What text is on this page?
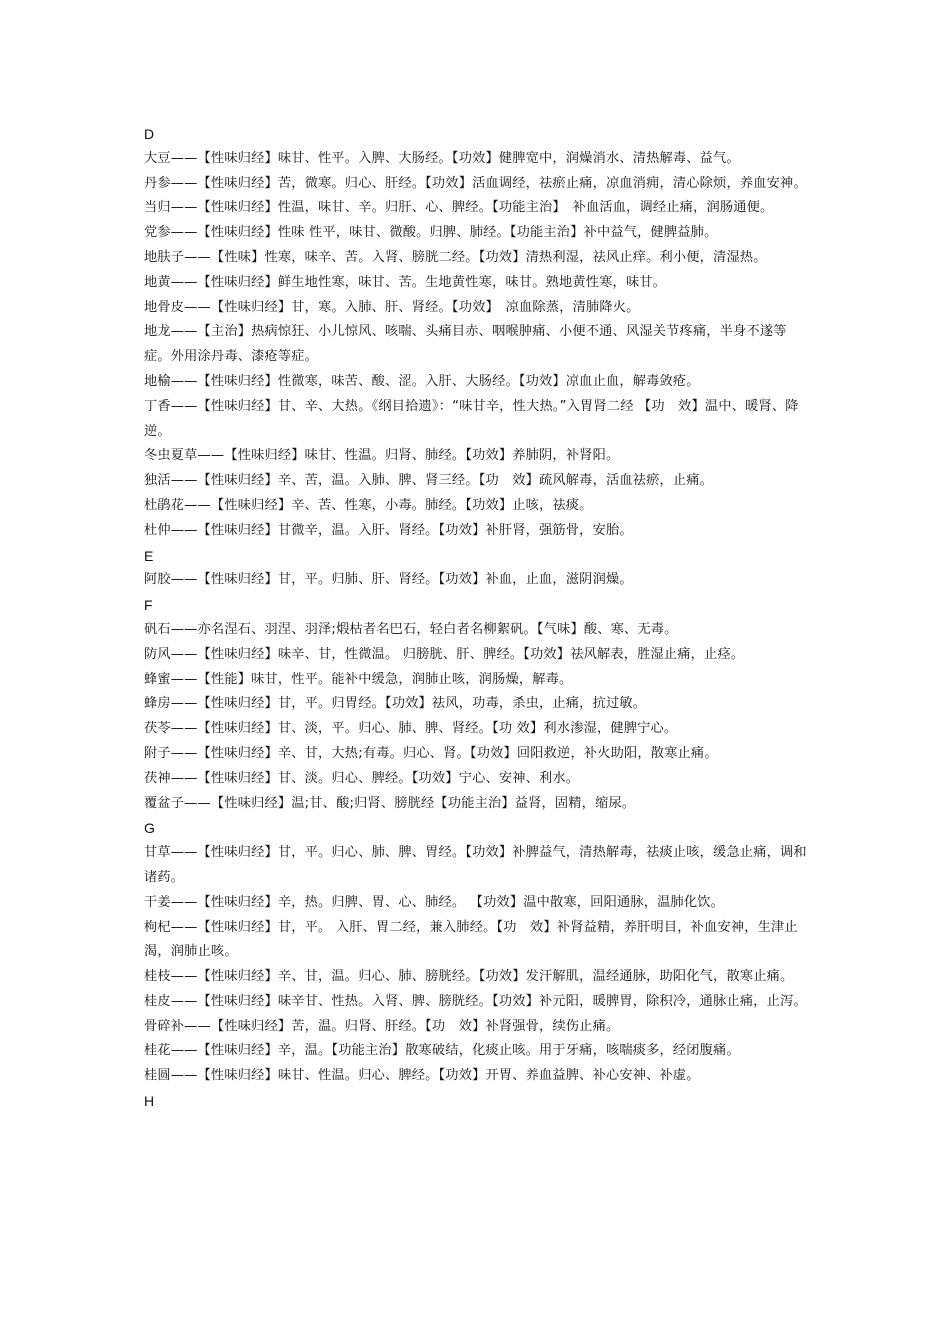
D
大豆——【性味归经】味甘、性平。入脾、大肠经。【功效】健脾宽中，润燥消水、清热解毒、益气。
丹参——【性味归经】苦，微寒。归心、肝经。【功效】活血调经，祛瘀止痛，凉血消痈，清心除烦，养血安神。
当归——【性味归经】性温，味甘、辛。归肝、心、脾经。【功能主治】　补血活血，调经止痛，润肠通便。
党参——【性味归经】性味 性平，味甘、微酸。归脾、肺经。【功能主治】补中益气，健脾益肺。
地肤子——【性味】性寒，味辛、苦。入肾、膀胱二经。【功效】清热利湿，祛风止痒。利小便，清湿热。
地黄——【性味归经】鲜生地性寒，味甘、苦。生地黄性寒，味甘。熟地黄性寒，味甘。
地骨皮——【性味归经】甘，寒。入肺、肝、肾经。【功效】　凉血除蒸，清肺降火。
地龙——【主治】热病惊狂、小儿惊风、咳喘、头痛目赤、咽喉肿痛、小便不通、风湿关节疼痛，半身不遂等症。外用涂丹毒、漆疮等症。
地榆——【性味归经】性微寒，味苦、酸、涩。入肝、大肠经。【功效】凉血止血，解毒敛疮。
丁香——【性味归经】甘、辛、大热。《纲目拾遗》：“味甘辛，性大热。”入胃肾二经 【功　效】温中、暖肾、降逆。
冬虫夏草——【性味归经】味甘、性温。归肾、肺经。【功效】养肺阴，补肾阳。
独活——【性味归经】辛、苦，温。入肺、脾、肾三经。【功　效】疏风解毒，活血祛瘀，止痛。
杜鹃花——【性味归经】辛、苦、性寒，小毒。肺经。【功效】止咳，祛痰。
杜仲——【性味归经】甘微辛，温。入肝、肾经。【功效】补肝肾，强筋骨，安胎。
E
阿胶——【性味归经】甘，平。归肺、肝、肾经。【功效】补血，止血，滋阴润燥。
F
矾石——亦名涅石、羽涅、羽泽;煅枯者名巴石，轻白者名柳絮矾。【气味】酸、寒、无毒。
防风——【性味归经】味辛、甘，性微温。 归膀胱、肝、脾经。【功效】祛风解表，胜湿止痛，止痉。
蜂蜜——【性能】味甘，性平。能补中缓急，润肺止咳，润肠燥，解毒。
蜂房——【性味归经】甘，平。归胃经。【功效】祛风，功毒，杀虫，止痛，抗过敏。
茯苓——【性味归经】甘、淡，平。归心、肺、脾、肾经。【功 效】利水渗湿，健脾宁心。
附子——【性味归经】辛、甘，大热;有毒。归心、肾。【功效】回阳救逆，补火助阳，散寒止痛。
茯神——【性味归经】甘、淡。归心、脾经。【功效】宁心、安神、利水。
覆盆子——【性味归经】温;甘、酸;归肾、膀胱经【功能主治】益肾，固精，缩尿。
G
甘草——【性味归经】甘，平。归心、肺、脾、胃经。【功效】补脾益气，清热解毒，祛痰止咳，缓急止痛，调和诸药。
干姜——【性味归经】辛，热。归脾、胃、心、肺经。 【功效】温中散寒，回阳通脉，温肺化饮。
枸杞——【性味归经】甘，平。 入肝、胃二经，兼入肺经。【功　效】补肾益精，养肝明目，补血安神，生津止渴，润肺止咳。
桂枝——【性味归经】辛、甘，温。归心、肺、膀胱经。【功效】发汗解肌，温经通脉，助阳化气，散寒止痛。
桂皮——【性味归经】味辛甘、性热。入肾、脾、膀胱经。【功效】补元阳，暖脾胃，除积冷，通脉止痛，止泻。
骨碎补——【性味归经】苦，温。归肾、肝经。【功　效】补肾强骨，续伤止痛。
桂花——【性味归经】辛，温。【功能主治】散寒破结，化痰止咳。用于牙痛，咳喘痰多，经闭腹痛。
桂圆——【性味归经】味甘、性温。归心、脾经。【功效】开胃、养血益脾、补心安神、补虚。
H
